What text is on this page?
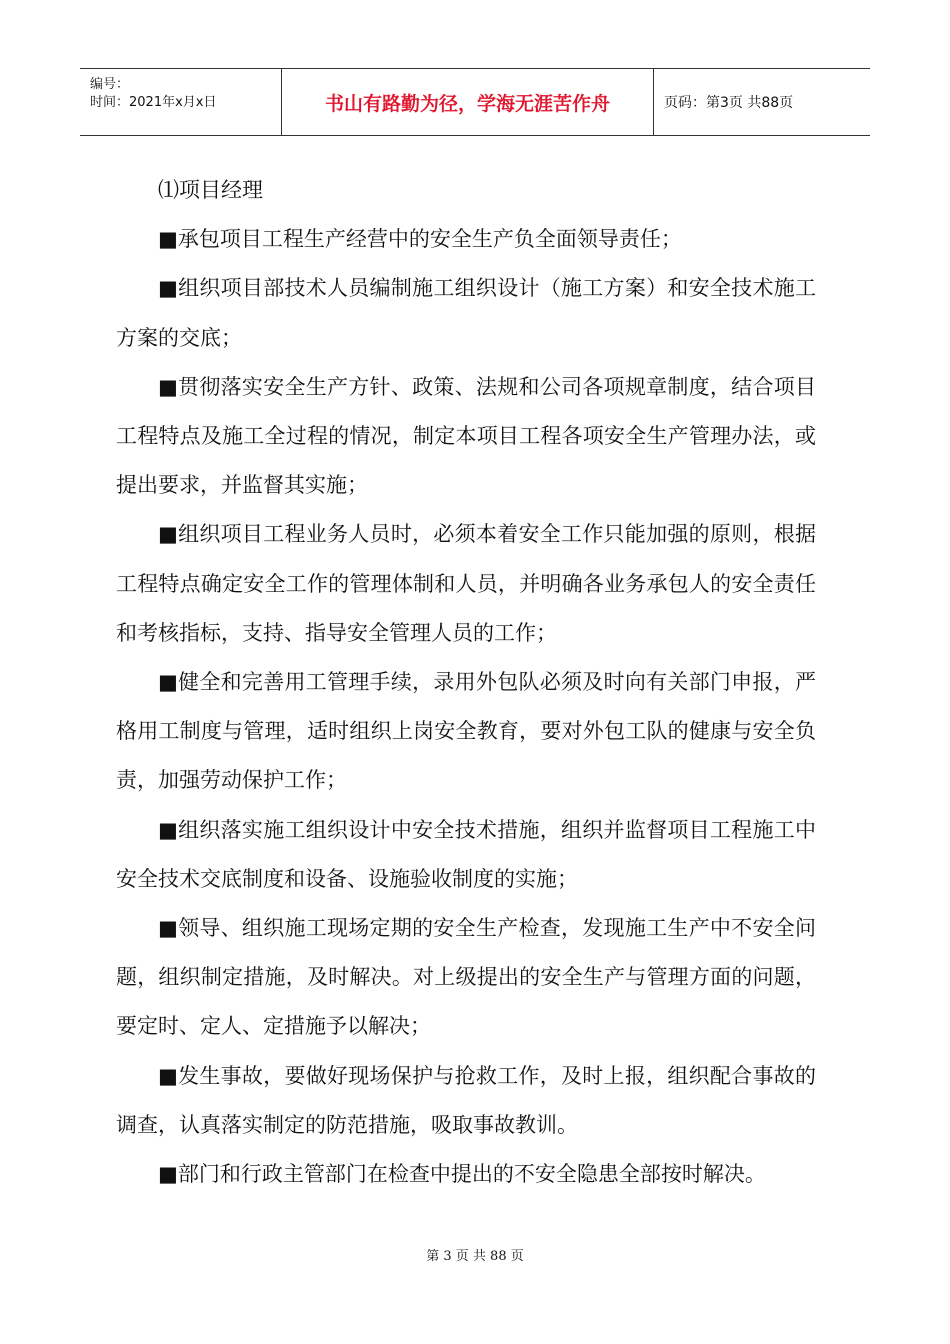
编号：
时间：2021年x月x日	书山有路勤为径，学海无涯苦作舟	页码：第3页 共88页

⑴项目经理

■承包项目工程生产经营中的安全生产负全面领导责任；

■组织项目部技术人员编制施工组织设计（施工方案）和安全技术施工方案的交底；

■贯彻落实安全生产方针、政策、法规和公司各项规章制度，结合项目工程特点及施工全过程的情况，制定本项目工程各项安全生产管理办法，或提出要求，并监督其实施；

■组织项目工程业务人员时，必须本着安全工作只能加强的原则，根据工程特点确定安全工作的管理体制和人员，并明确各业务承包人的安全责任和考核指标，支持、指导安全管理人员的工作；

■健全和完善用工管理手续，录用外包队必须及时向有关部门申报，严格用工制度与管理，适时组织上岗安全教育，要对外包工队的健康与安全负责，加强劳动保护工作；

■组织落实施工组织设计中安全技术措施，组织并监督项目工程施工中安全技术交底制度和设备、设施验收制度的实施；

■领导、组织施工现场定期的安全生产检查，发现施工生产中不安全问题，组织制定措施，及时解决。对上级提出的安全生产与管理方面的问题，要定时、定人、定措施予以解决；

■发生事故，要做好现场保护与抢救工作，及时上报，组织配合事故的调查，认真落实制定的防范措施，吸取事故教训。

■部门和行政主管部门在检查中提出的不安全隐患全部按时解决。

第 3 页 共 88 页
